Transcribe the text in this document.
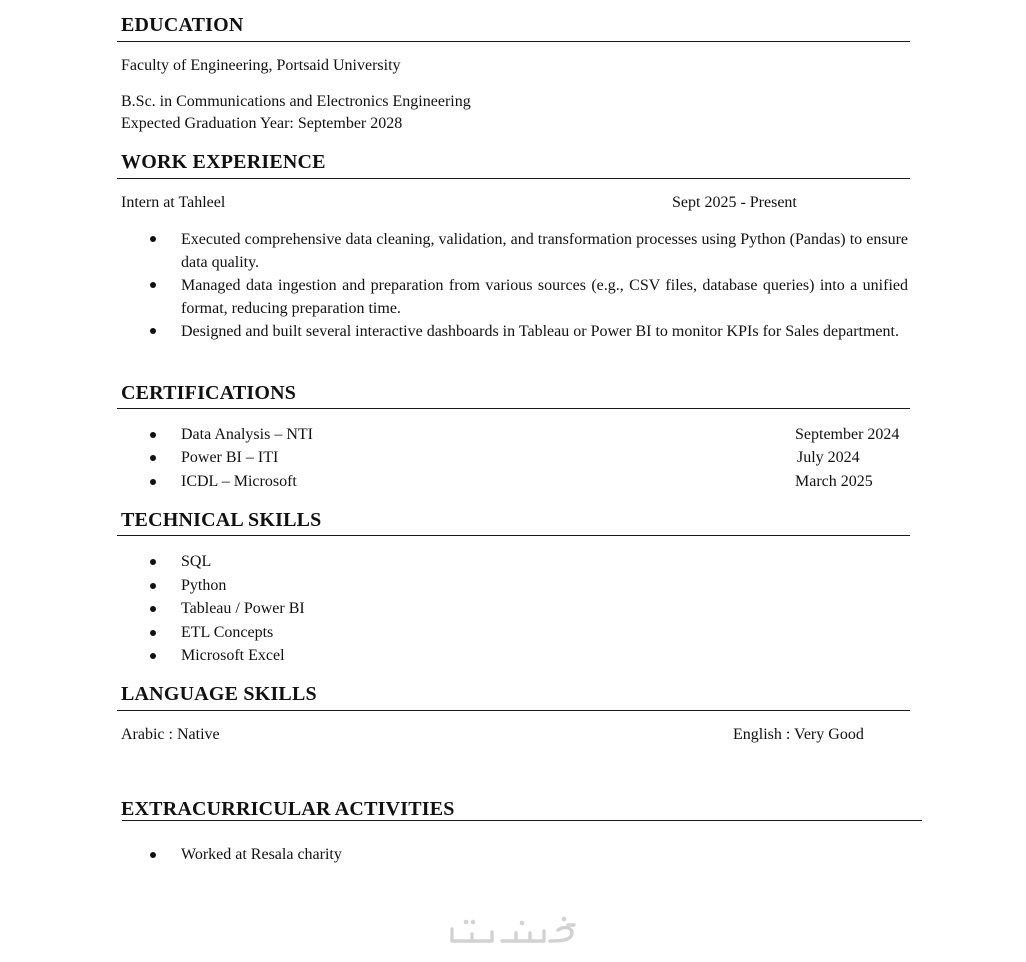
EDUCATION
Faculty of Engineering, Portsaid University
B.Sc. in Communications and Electronics Engineering
Expected Graduation Year: September 2028
WORK EXPERIENCE
Intern at Tahleel	Sept 2025 - Present
Executed comprehensive data cleaning, validation, and transformation processes using Python (Pandas) to ensure data quality.
Managed data ingestion and preparation from various sources (e.g., CSV files, database queries) into a unified format, reducing preparation time.
Designed and built several interactive dashboards in Tableau or Power BI to monitor KPIs for Sales department.
CERTIFICATIONS
Data Analysis – NTI	September 2024
Power BI – ITI	July 2024
ICDL – Microsoft	March 2025
TECHNICAL SKILLS
SQL
Python
Tableau / Power BI
ETL Concepts
Microsoft Excel
LANGUAGE SKILLS
Arabic : Native	English : Very Good
EXTRACURRICULAR ACTIVITIES
Worked at Resala charity
